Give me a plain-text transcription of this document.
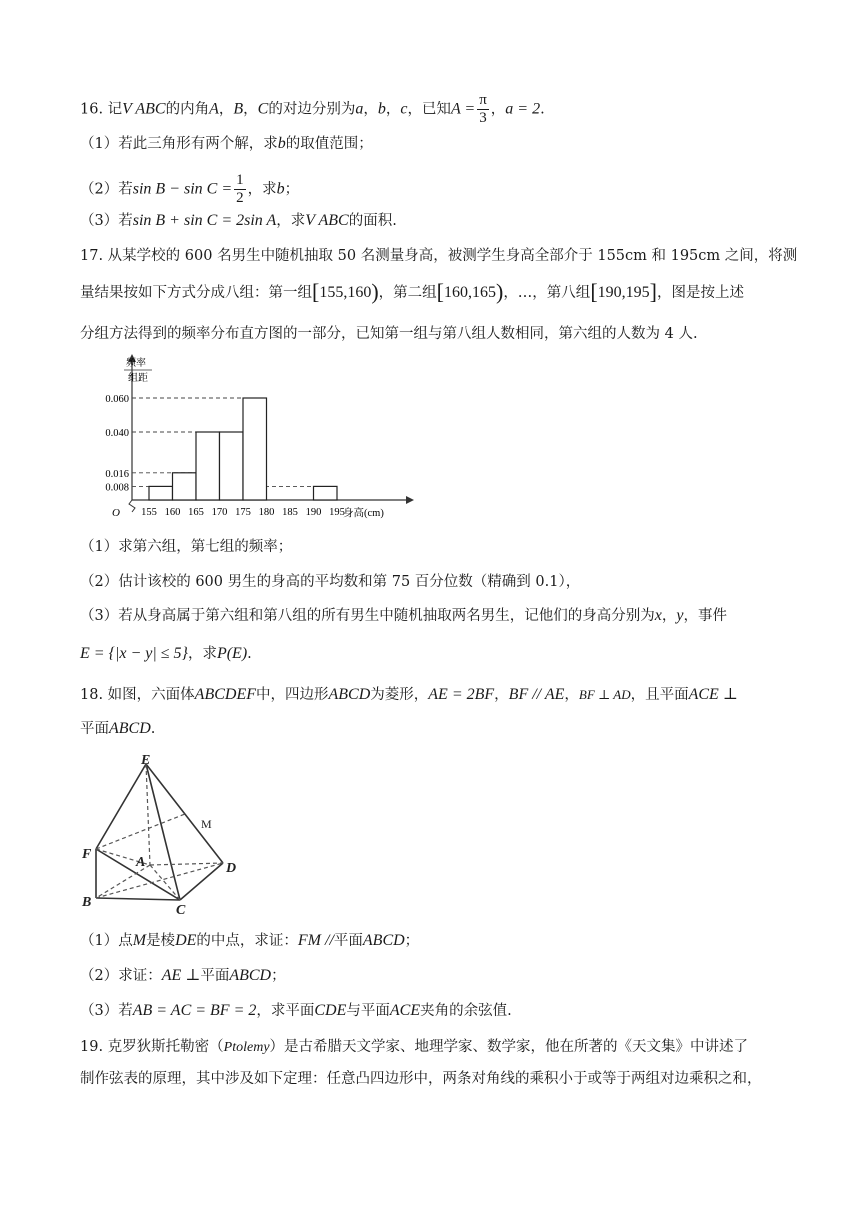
16. 记V ABC的内角A，B，C的对边分别为a，b，c，已知$A = \frac{\pi}{3}$ ，a = 2.
（1）若此三角形有两个解，求b的取值范围；
（2）若$\sin B - \sin C = \frac{1}{2}$ ，求b；
（3）若sin B + sin C = 2sin A，求V ABC的面积.
17. 从某学校的 600 名男生中随机抽取 50 名测量身高，被测学生身高全部介于 155cm 和 195cm 之间，将测
量结果按如下方式分成八组：第一组[155,160)，第二组[160,165)，…，第八组[190,195]，图是按上述
分组方法得到的频率分布直方图的一部分，已知第一组与第八组人数相同，第六组的人数为 4 人.
频率
组距
0.060
0.040
0.016
0.008
155 160 165 170 175 180 185 190 195
O	身高(cm)
（1）求第六组，第七组的频率；
（2）估计该校的 600 男生的身高的平均数和第 75 百分位数（精确到 0.1），
（3）若从身高属于第六组和第八组的所有男生中随机抽取两名男生，记他们的身高分别为x，y，事件
E = {|x − y| ≤ 5}，求P(E).
18. 如图，六面体ABCDEF中，四边形ABCD为菱形，AE = 2BF，BF // AE，BF ⊥ AD，且平面ACE ⊥
平面ABCD.
E
M
F
A	D
B
C
（1）点M是棱DE的中点，求证：FM //平面ABCD；
（2）求证：AE ⊥平面ABCD；
（3）若AB = AC = BF = 2，求平面CDE与平面ACE夹角的余弦值.
19. 克罗狄斯托勒密（Ptolemy）是古希腊天文学家、地理学家、数学家，他在所著的《天文集》中讲述了
制作弦表的原理，其中涉及如下定理：任意凸四边形中，两条对角线的乘积小于或等于两组对边乘积之和，
